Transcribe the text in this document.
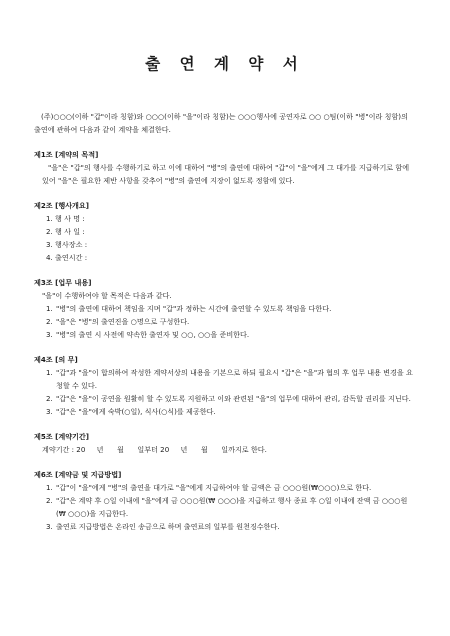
출 연 계 약 서

(주)○○○(이하 "갑"이라 칭함)와 ○○○(이하 "을"이라 칭함)는 ○○○행사에 공연자로 ○○ ○팀(이하 "병"이라 칭함)의 출연에 관하여 다음과 같이 계약을 체결한다.

제1조 [계약의 목적]

"을"은 "갑"의 행사를 수행하기로 하고 이에 대하여 "병"의 출연에 대하여 "갑"이 "을"에게 그 대가를 지급하기로 함에 있어 "을"은 필요한 제반 사항을 갖추어 "병"의 출연에 지장이 없도록 정함에 있다.

제2조 [행사개요]
1. 행 사 명 :
2. 행 사 일 :
3. 행사장소 :
4. 출연시간 :
제3조 [업무 내용]

"을"이 수행하여야 할 목적은 다음과 같다.

1. "병"의 출연에 대하여 책임을 지며 "갑"과 정하는 시간에 출연할 수 있도록 책임을 다한다.
2. "을"은 "병"의 출연진을 ○명으로 구성한다.
3. "병"의 출연 시 사전에 약속한 출연자 및 ○○, ○○을 준비한다.
제4조 [의 무]
1. "갑"과 "을"이 합의하여 작성한 계약서상의 내용을 기본으로 하되 필요시 "갑"은 "을"과 협의 후 업무 내용 변경을 요청할 수 있다.
2. "갑"은 "을"이 공연을 원활히 할 수 있도록 지원하고 이와 관련된 "을"의 업무에 대하여 관리, 감독할 권리를 지닌다.
3. "갑"은 "을"에게 숙박(○일), 식사(○식)를 제공한다.
제5조 [계약기간]

계약기간 : 20     년      월      일부터 20     년      월      일까지로 한다.

제6조 [계약금 및 지급방법]
1. "갑"이 "을"에게 "병"의 출연을 대가로 "을"에게 지급하여야 할 금액은 금 ○○○원(₩○○○)으로 한다.
2. "갑"은 계약 후 ○일 이내에 "을"에게 금 ○○○원(₩ ○○○)을 지급하고 행사 종료 후 ○일 이내에 잔액 금 ○○○원(₩ ○○○)을 지급한다.
3. 출연료 지급방법은 온라인 송금으로 하며 출연료의 일부를 원천징수한다.
